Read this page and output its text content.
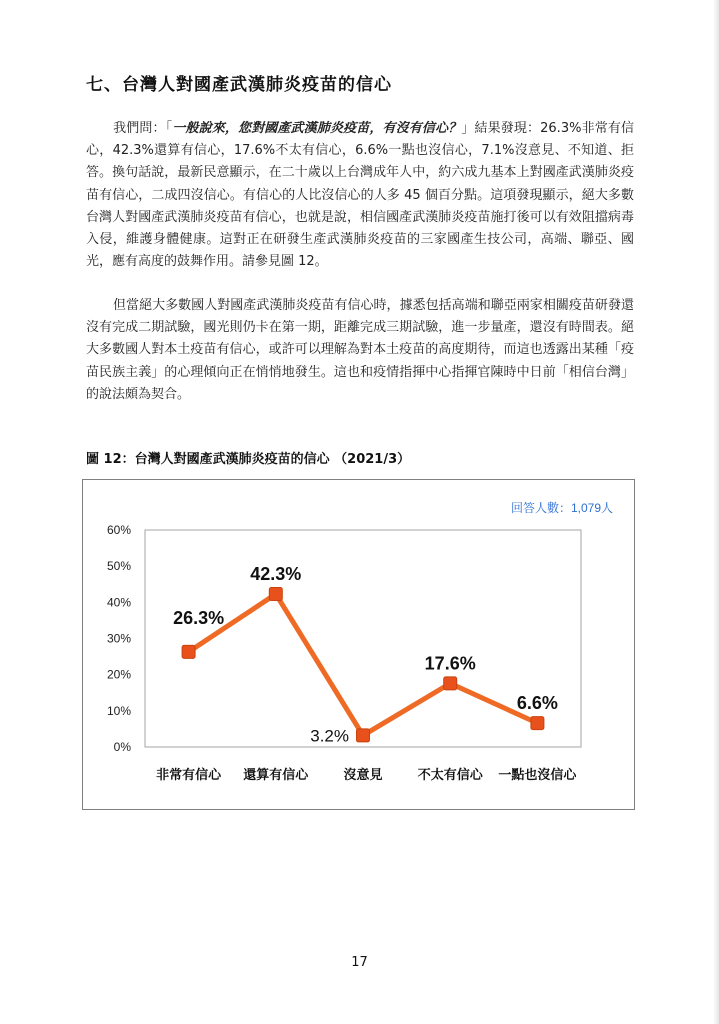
七、台灣人對國產武漢肺炎疫苗的信心

我們問：「一般說來，您對國產武漢肺炎疫苗，有沒有信心？」結果發現：26.3%非常有信心，42.3%還算有信心，17.6%不太有信心，6.6%一點也沒信心，7.1%沒意見、不知道、拒答。換句話說，最新民意顯示，在二十歲以上台灣成年人中，約六成九基本上對國產武漢肺炎疫苗有信心，二成四沒信心。有信心的人比沒信心的人多 45 個百分點。這項發現顯示，絕大多數台灣人對國產武漢肺炎疫苗有信心，也就是說，相信國產武漢肺炎疫苗施打後可以有效阻擋病毒入侵，維護身體健康。這對正在研發生產武漢肺炎疫苗的三家國產生技公司，高端、聯亞、國光，應有高度的鼓舞作用。請參見圖 12。

但當絕大多數國人對國產武漢肺炎疫苗有信心時，據悉包括高端和聯亞兩家相關疫苗研發還沒有完成二期試驗，國光則仍卡在第一期，距離完成三期試驗，進一步量產，還沒有時間表。絕大多數國人對本土疫苗有信心，或許可以理解為對本土疫苗的高度期待，而這也透露出某種「疫苗民族主義」的心理傾向正在悄悄地發生。這也和疫情指揮中心指揮官陳時中日前「相信台灣」的說法頗為契合。

圖 12：台灣人對國產武漢肺炎疫苗的信心 （2021/3）
回答人數：1,079人
0%
10%
20%
30%
40%
50%
60%
非常有信心 還算有信心	沒意見	不太有信心 一點也沒信心
26.3%
42.3%
3.2%
17.6%
6.6%
17
